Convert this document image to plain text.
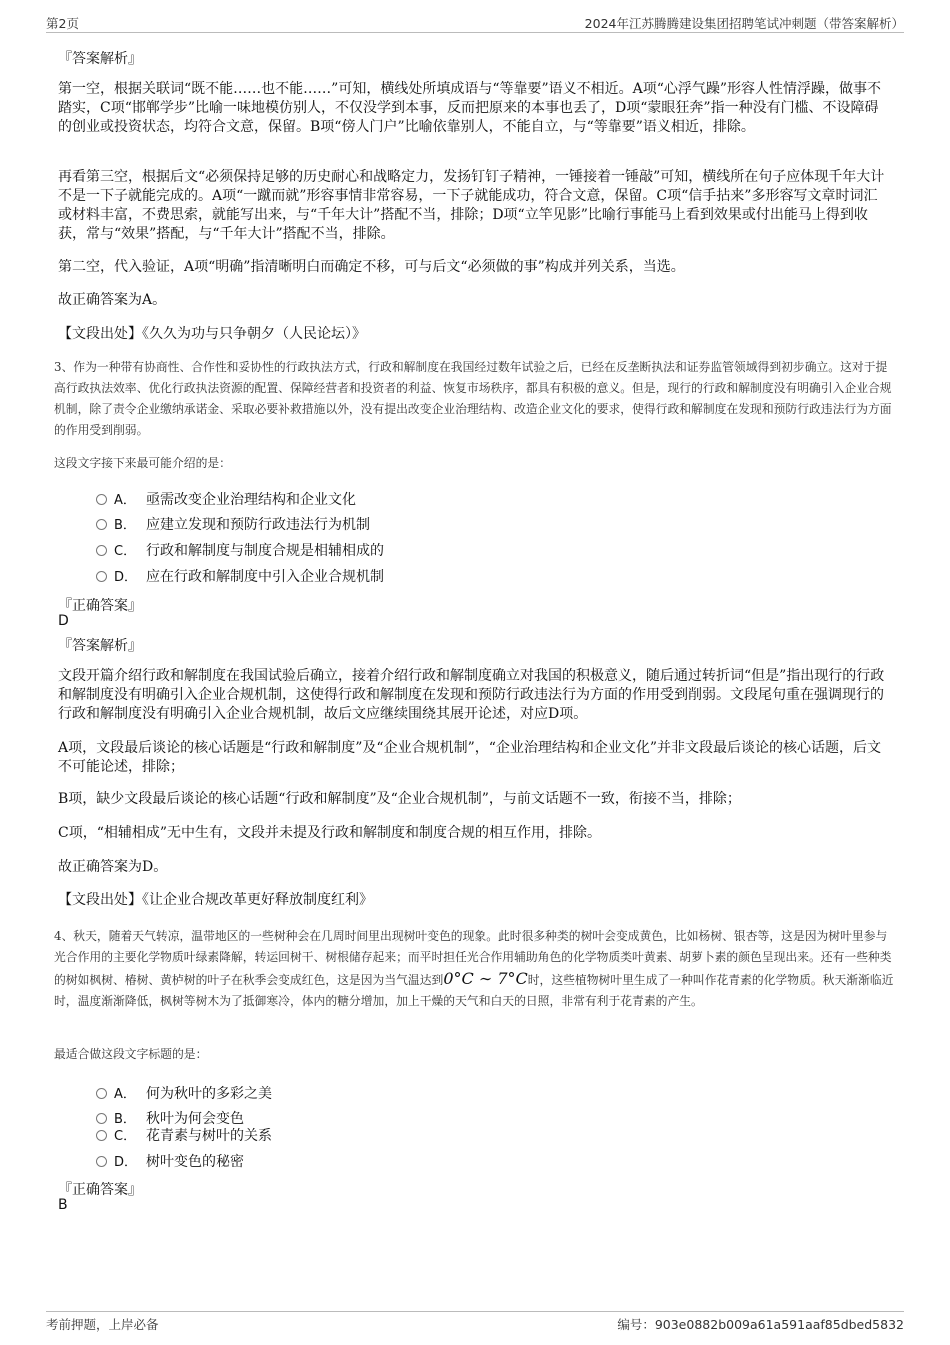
第2页	2024年江苏腾腾建设集团招聘笔试冲刺题（带答案解析）
『答案解析』
第一空，根据关联词“既不能……也不能……”可知，横线处所填成语与“等靠要”语义不相近。A项“心浮气躁”形容人性情浮躁，做事不踏实，C项“邯郸学步”比喻一味地模仿别人，不仅没学到本事，反而把原来的本事也丢了，D项“蒙眼狂奔”指一种没有门槛、不设障碍的创业或投资状态，均符合文意，保留。B项“傍人门户”比喻依靠别人，不能自立，与“等靠要”语义相近，排除。
再看第三空，根据后文“必须保持足够的历史耐心和战略定力，发扬钉钉子精神，一锤接着一锤敲”可知，横线所在句子应体现千年大计不是一下子就能完成的。A项“一蹴而就”形容事情非常容易，一下子就能成功，符合文意，保留。C项“信手拈来”多形容写文章时词汇或材料丰富，不费思索，就能写出来，与“千年大计”搭配不当，排除；D项“立竿见影”比喻行事能马上看到效果或付出能马上得到收获，常与“效果”搭配，与“千年大计”搭配不当，排除。
第二空，代入验证，A项“明确”指清晰明白而确定不移，可与后文“必须做的事”构成并列关系，当选。
故正确答案为A。
【文段出处】《久久为功与只争朝夕（人民论坛）》
3、作为一种带有协商性、合作性和妥协性的行政执法方式，行政和解制度在我国经过数年试验之后，已经在反垄断执法和证券监管领域得到初步确立。这对于提高行政执法效率、优化行政执法资源的配置、保障经营者和投资者的利益、恢复市场秩序，都具有积极的意义。但是，现行的行政和解制度没有明确引入企业合规机制，除了责令企业缴纳承诺金、采取必要补救措施以外，没有提出改变企业治理结构、改造企业文化的要求，使得行政和解制度在发现和预防行政违法行为方面的作用受到削弱。
这段文字接下来最可能介绍的是：
A． 亟需改变企业治理结构和企业文化
B． 应建立发现和预防行政违法行为机制
C． 行政和解制度与制度合规是相辅相成的
D． 应在行政和解制度中引入企业合规机制
『正确答案』
D
『答案解析』
文段开篇介绍行政和解制度在我国试验后确立，接着介绍行政和解制度确立对我国的积极意义，随后通过转折词“但是”指出现行的行政和解制度没有明确引入企业合规机制，这使得行政和解制度在发现和预防行政违法行为方面的作用受到削弱。文段尾句重在强调现行的行政和解制度没有明确引入企业合规机制，故后文应继续围绕其展开论述，对应D项。
A项，文段最后谈论的核心话题是“行政和解制度”及“企业合规机制”，“企业治理结构和企业文化”并非文段最后谈论的核心话题，后文不可能论述，排除；
B项，缺少文段最后谈论的核心话题“行政和解制度”及“企业合规机制”，与前文话题不一致，衔接不当，排除；
C项，“相辅相成”无中生有，文段并未提及行政和解制度和制度合规的相互作用，排除。
故正确答案为D。
【文段出处】《让企业合规改革更好释放制度红利》
4、秋天，随着天气转凉，温带地区的一些树种会在几周时间里出现树叶变色的现象。此时很多种类的树叶会变成黄色，比如杨树、银杏等，这是因为树叶里参与光合作用的主要化学物质叶绿素降解，转运回树干、树根储存起来；而平时担任光合作用辅助角色的化学物质类叶黄素、胡萝卜素的颜色呈现出来。还有一些种类的树如枫树、椿树、黄栌树的叶子在秋季会变成红色，这是因为当气温达到0°C ∼ 7°C时，这些植物树叶里生成了一种叫作花青素的化学物质。秋天渐渐临近时，温度渐渐降低，枫树等树木为了抵御寒冷，体内的糖分增加，加上干燥的天气和白天的日照，非常有利于花青素的产生。
最适合做这段文字标题的是：
A． 何为秋叶的多彩之美
B． 秋叶为何会变色
C． 花青素与树叶的关系
D． 树叶变色的秘密
『正确答案』
B
考前押题，上岸必备	编号：903e0882b009a61a591aaf85dbed5832
